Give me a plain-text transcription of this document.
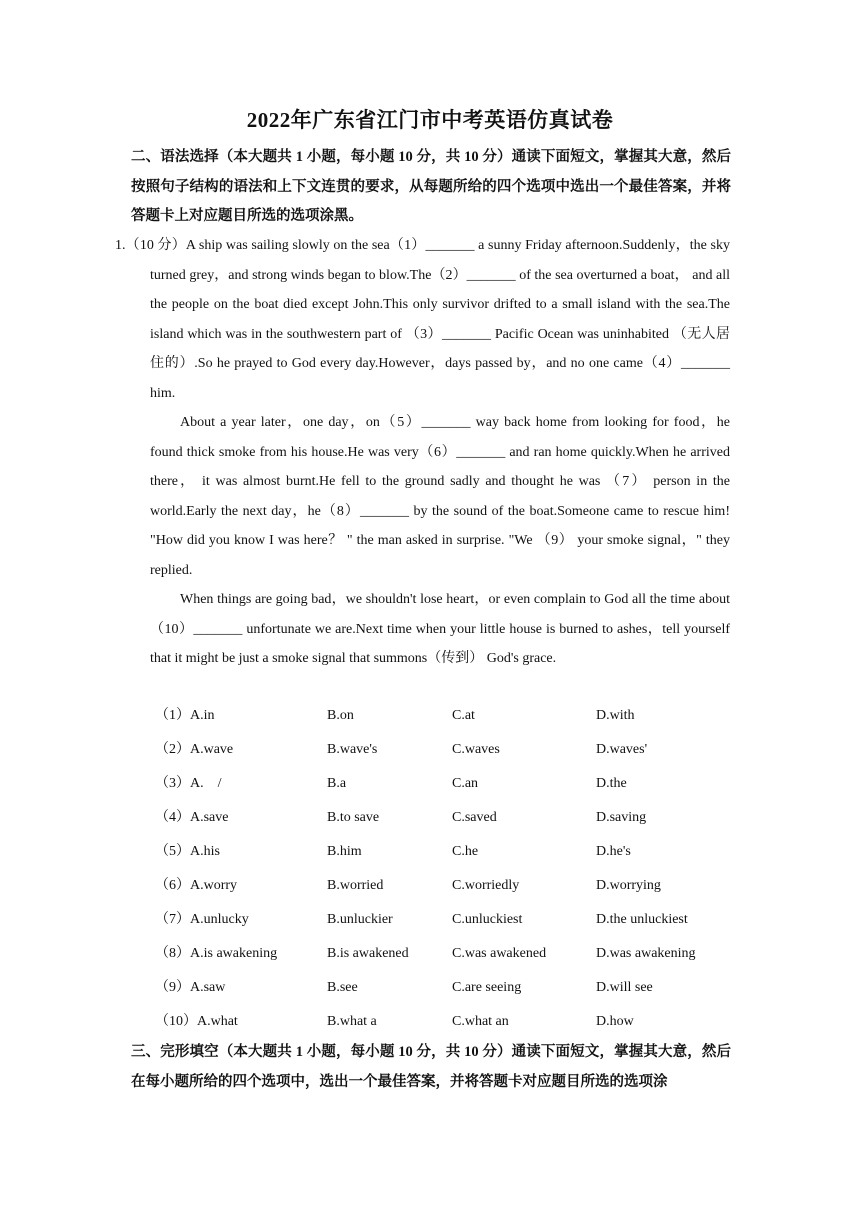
2022年广东省江门市中考英语仿真试卷
二、语法选择（本大题共 1 小题，每小题 10 分，共 10 分）通读下面短文，掌握其大意，然后按照句子结构的语法和上下文连贯的要求，从每题所给的四个选项中选出一个最佳答案，并将答题卡上对应题目所选的选项涂黑。

1.（10 分）A ship was sailing slowly on the sea（1）_______ a sunny Friday afternoon.Suddenly，the sky turned grey，and strong winds began to blow.The（2）_______ of the sea overturned a boat， and all the people on the boat died except John.This only survivor drifted to a small island with the sea.The island which was in the southwestern part of （3）_______ Pacific Ocean was uninhabited （无人居住的）.So he prayed to God every day.However，days passed by，and no one came（4）_______ him.

About a year later，one day，on（5）_______ way back home from looking for food，he found thick smoke from his house.He was very（6）_______ and ran home quickly.When he arrived there， it was almost burnt.He fell to the ground sadly and thought he was （7） person in the world.Early the next day，he（8）_______ by the sound of the boat.Someone came to rescue him! "How did you know I was here？ " the man asked in surprise. "We （9） your smoke signal，" they replied.

When things are going bad，we shouldn't lose heart，or even complain to God all the time about （10）_______ unfortunate we are.Next time when your little house is burned to ashes，tell yourself that it might be just a smoke signal that summons（传到） God's grace.

（1）A.in	B.on	C.at	D.with
（2）A.wave	B.wave's	C.waves	D.waves'
（3）A.　/	B.a	C.an	D.the
（4）A.save	B.to save	C.saved	D.saving
（5）A.his	B.him	C.he	D.he's
（6）A.worry	B.worried	C.worriedly	D.worrying
（7）A.unlucky	B.unluckier	C.unluckiest	D.the unluckiest
（8）A.is awakening	B.is awakened	C.was awakened	D.was awakening
（9）A.saw	B.see	C.are seeing	D.will see
（10）A.what	B.what a	C.what an	D.how
三、完形填空（本大题共 1 小题，每小题 10 分，共 10 分）通读下面短文，掌握其大意，然后在每小题所给的四个选项中，选出一个最佳答案，并将答题卡对应题目所选的选项涂
